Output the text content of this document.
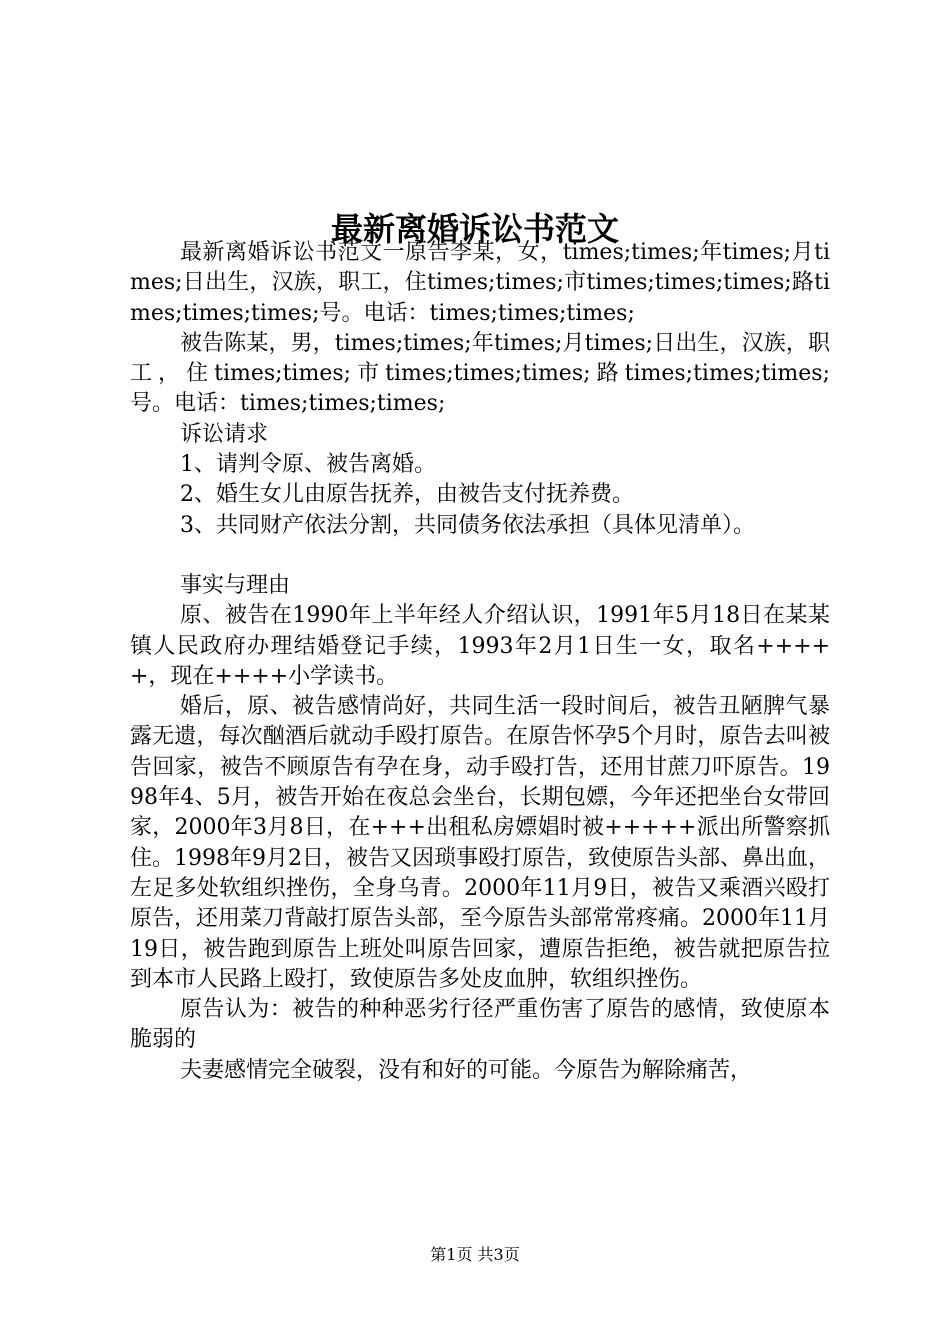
最新离婚诉讼书范文

最新离婚诉讼书范文一原告李某，女，times;times;年times;月times;日出生，汉族，职工，住times;times;市times;times;times;路times;times;times;号。电话：times;times;times;

被告陈某，男，times;times;年times;月times;日出生，汉族，职工，住times;times;市times;times;times;路times;times;times;号。电话：times;times;times;

诉讼请求

1、请判令原、被告离婚。

2、婚生女儿由原告抚养，由被告支付抚养费。

3、共同财产依法分割，共同债务依法承担（具体见清单）。

事实与理由

原、被告在1990年上半年经人介绍认识，1991年5月18日在某某镇人民政府办理结婚登记手续，1993年2月1日生一女，取名+++++，现在++++小学读书。

婚后，原、被告感情尚好，共同生活一段时间后，被告丑陋脾气暴露无遗，每次酗酒后就动手殴打原告。在原告怀孕5个月时，原告去叫被告回家，被告不顾原告有孕在身，动手殴打告，还用甘蔗刀吓原告。1998年4、5月，被告开始在夜总会坐台，长期包嫖，今年还把坐台女带回家，2000年3月8日，在+++出租私房嫖娼时被+++++派出所警察抓住。1998年9月2日，被告又因琐事殴打原告，致使原告头部、鼻出血，左足多处软组织挫伤，全身乌青。2000年11月9日，被告又乘酒兴殴打原告，还用菜刀背敲打原告头部，至今原告头部常常疼痛。2000年11月19日，被告跑到原告上班处叫原告回家，遭原告拒绝，被告就把原告拉到本市人民路上殴打，致使原告多处皮血肿，软组织挫伤。

原告认为：被告的种种恶劣行径严重伤害了原告的感情，致使原本脆弱的

夫妻感情完全破裂，没有和好的可能。今原告为解除痛苦，

第1页 共3页
